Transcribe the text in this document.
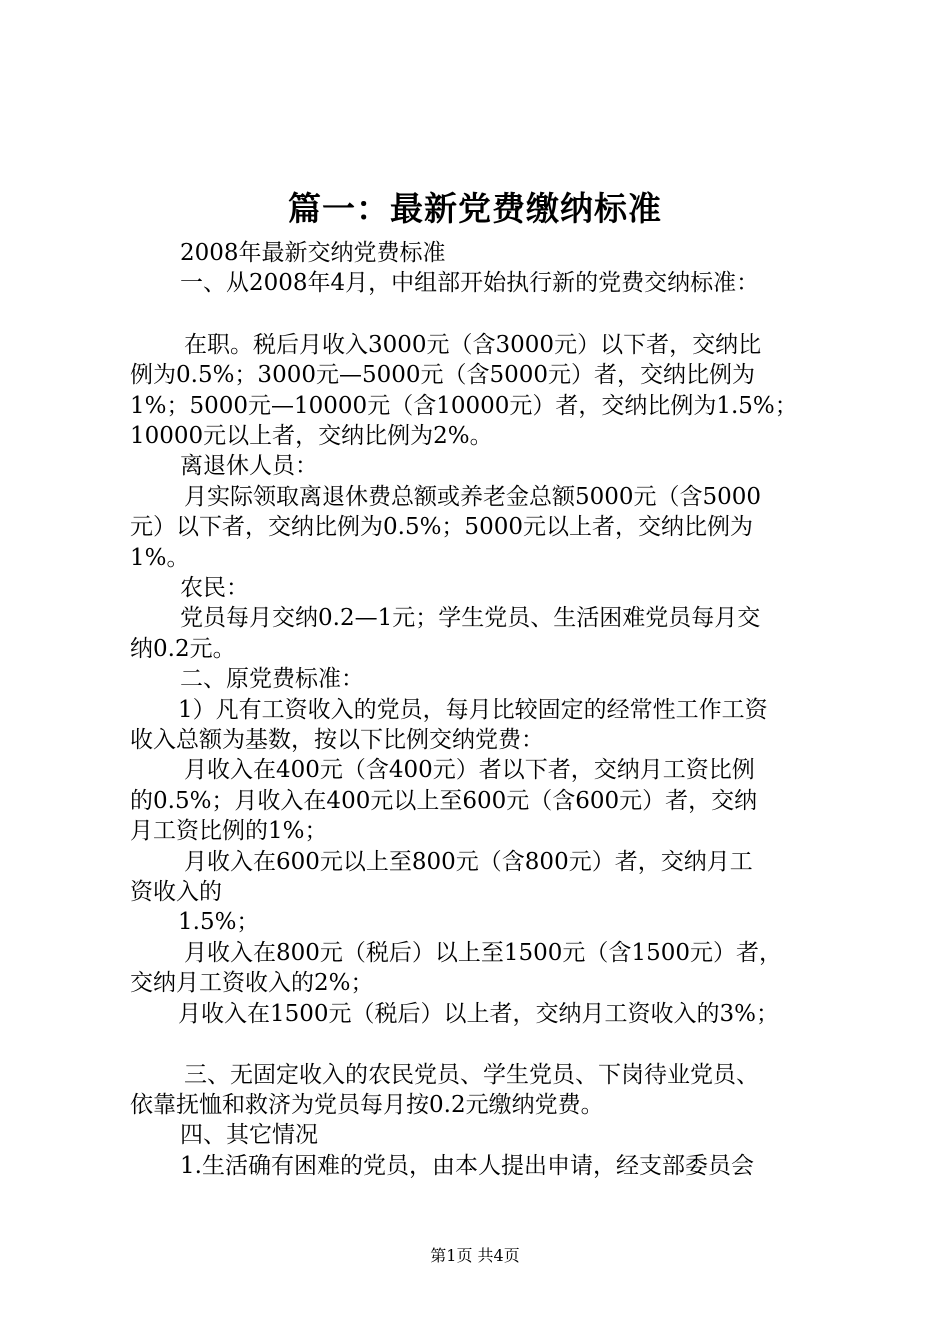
篇一：最新党费缴纳标准
2008年最新交纳党费标准
一、从2008年4月，中组部开始执行新的党费交纳标准：
在职。税后月收入3000元（含3000元）以下者，交纳比
例为0.5%；3000元—5000元（含5000元）者，交纳比例为
1%；5000元—10000元（含10000元）者，交纳比例为1.5%；
10000元以上者，交纳比例为2%。
离退休人员：
月实际领取离退休费总额或养老金总额5000元（含5000
元）以下者，交纳比例为0.5%；5000元以上者，交纳比例为
1%。
农民：
党员每月交纳0.2—1元；学生党员、生活困难党员每月交
纳0.2元。
二、原党费标准：
1）凡有工资收入的党员，每月比较固定的经常性工作工资
收入总额为基数，按以下比例交纳党费：
月收入在400元（含400元）者以下者，交纳月工资比例
的0.5%；月收入在400元以上至600元（含600元）者，交纳
月工资比例的1%；
月收入在600元以上至800元（含800元）者，交纳月工
资收入的
1.5%；
月收入在800元（税后）以上至1500元（含1500元）者，
交纳月工资收入的2%；
月收入在1500元（税后）以上者，交纳月工资收入的3%；
三、无固定收入的农民党员、学生党员、下岗待业党员、
依靠抚恤和救济为党员每月按0.2元缴纳党费。
四、其它情况
1.生活确有困难的党员，由本人提出申请，经支部委员会
第1页 共4页
